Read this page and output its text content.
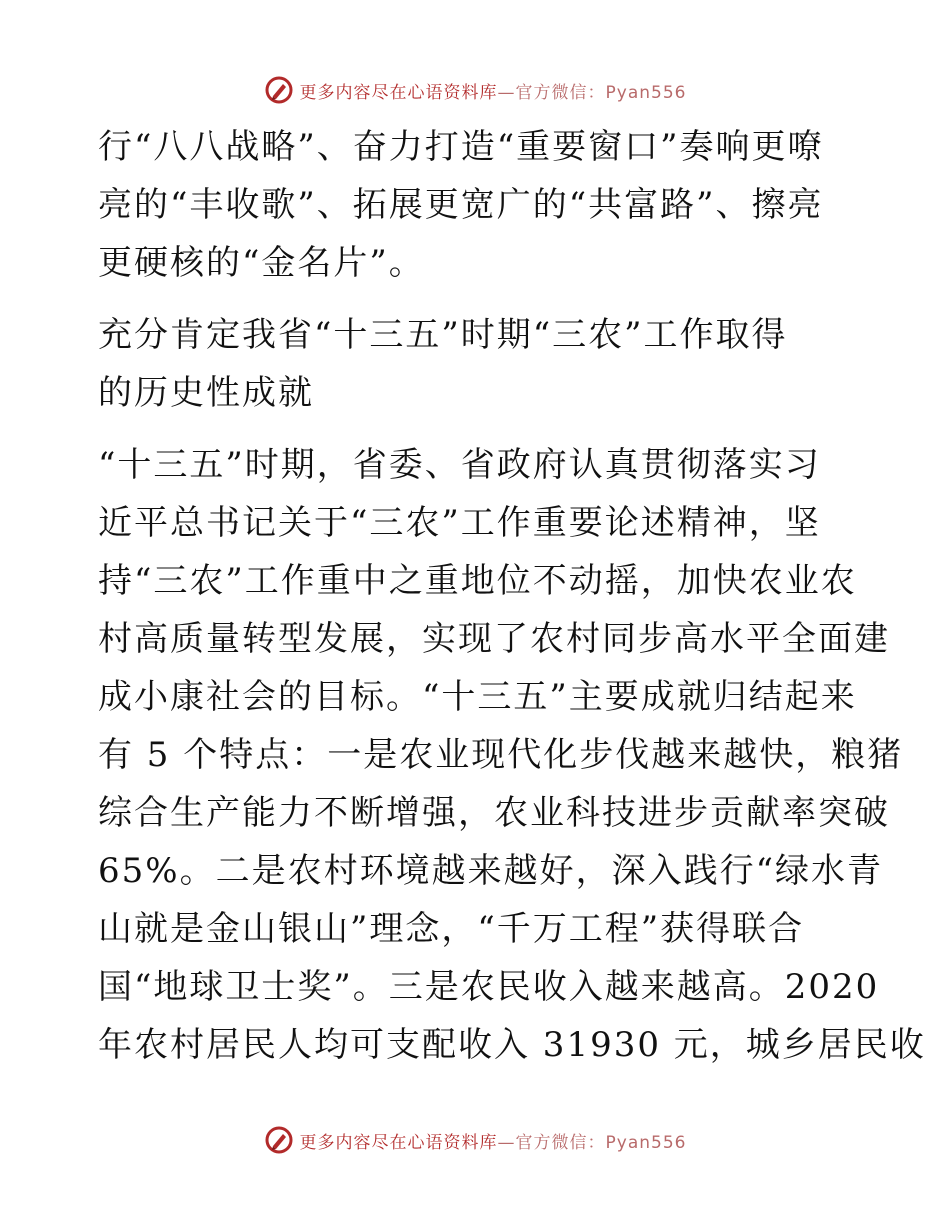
更多内容尽在心语资料库—官方微信：Pyan556
行“八八战略”、奋力打造“重要窗口”奏响更嘹
亮的“丰收歌”、拓展更宽广的“共富路”、擦亮
更硬核的“金名片”。
充分肯定我省“十三五”时期“三农”工作取得
的历史性成就
“十三五”时期，省委、省政府认真贯彻落实习
近平总书记关于“三农”工作重要论述精神，坚
持“三农”工作重中之重地位不动摇，加快农业农
村高质量转型发展，实现了农村同步高水平全面建
成小康社会的目标。“十三五”主要成就归结起来
有 5 个特点：一是农业现代化步伐越来越快，粮猪
综合生产能力不断增强，农业科技进步贡献率突破
65%。二是农村环境越来越好，深入践行“绿水青
山就是金山银山”理念，“千万工程”获得联合
国“地球卫士奖”。三是农民收入越来越高。2020
年农村居民人均可支配收入 31930 元，城乡居民收
更多内容尽在心语资料库—官方微信：Pyan556
